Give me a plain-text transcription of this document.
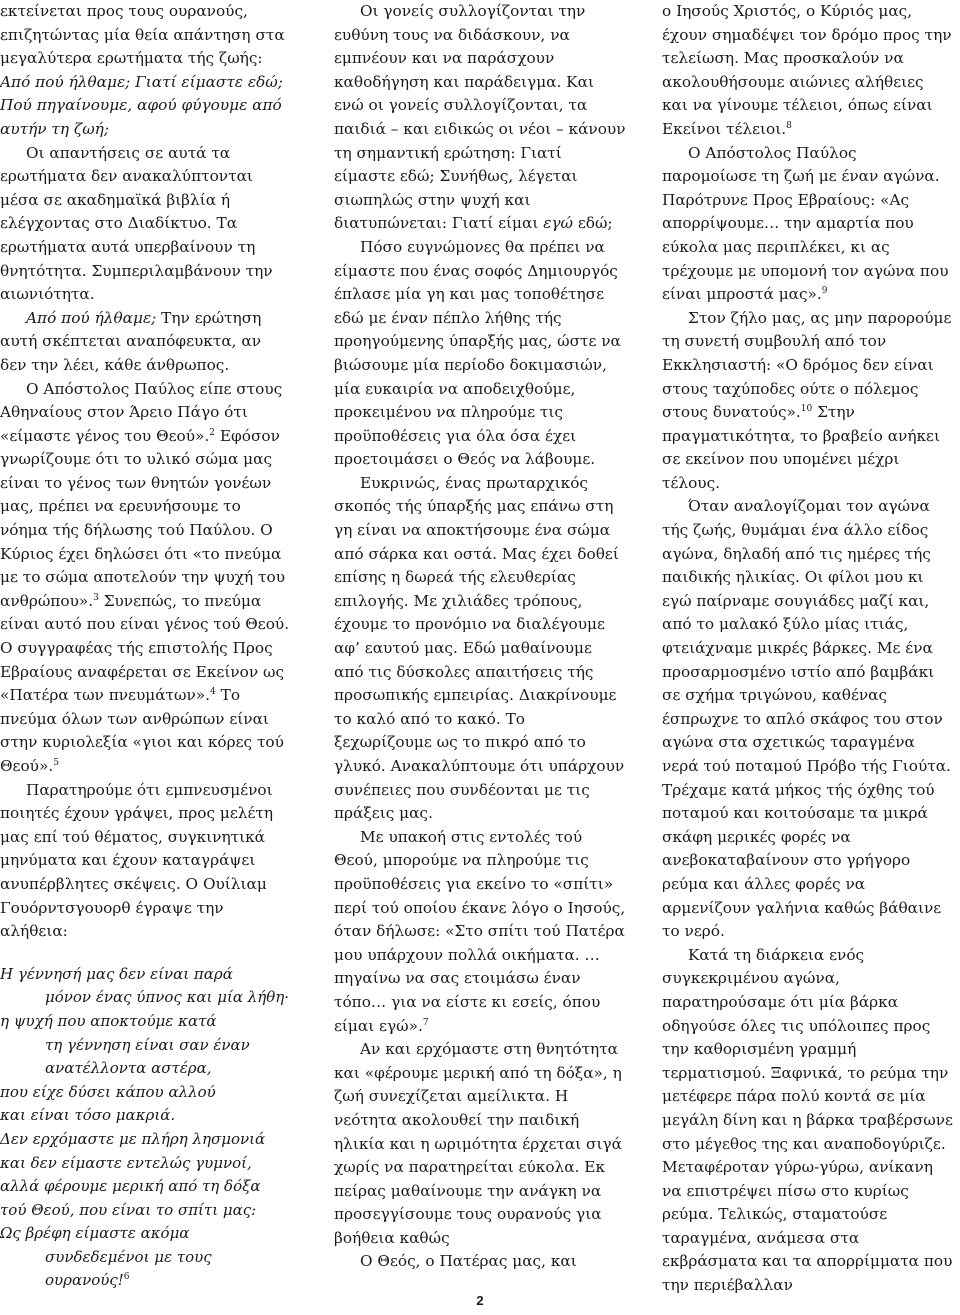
εκτείνεται προς τους ουρανούς, επιζητώντας μία θεία απάντηση στα μεγαλύτερα ερωτήματα τής ζωής: Από πού ήλθαμε; Γιατί είμαστε εδώ; Πού πηγαίνουμε, αφού φύγουμε από αυτήν τη ζωή;

Οι απαντήσεις σε αυτά τα ερωτήματα δεν ανακαλύπτονται μέσα σε ακαδημαϊκά βιβλία ή ελέγχοντας στο Διαδίκτυο. Τα ερωτήματα αυτά υπερβαίνουν τη θνητότητα. Συμπεριλαμβάνουν την αιωνιότητα.

Από πού ήλθαμε; Την ερώτηση αυτή σκέπτεται αναπόφευκτα, αν δεν την λέει, κάθε άνθρωπος.

Ο Απόστολος Παύλος είπε στους Αθηναίους στον Άρειο Πάγο ότι «είμαστε γένος του Θεού».$^2$ Εφόσον γνωρίζουμε ότι το υλικό σώμα μας είναι το γένος των θνητών γονέων μας, πρέπει να ερευνήσουμε το νόημα τής δήλωσης τού Παύλου. Ο Κύριος έχει δηλώσει ότι «το πνεύμα με το σώμα αποτελούν την ψυχή του ανθρώπου».$^3$ Συνεπώς, το πνεύμα είναι αυτό που είναι γένος τού Θεού. Ο συγγραφέας τής επιστολής Προς Εβραίους αναφέρεται σε Εκείνον ως «Πατέρα των πνευμάτων».$^4$ Το πνεύμα όλων των ανθρώπων είναι στην κυριολεξία «γιοι και κόρες τού Θεού».$^5$

Παρατηρούμε ότι εμπνευσμένοι ποιητές έχουν γράψει, προς μελέτη μας επί τού θέματος, συγκινητικά μηνύματα και έχουν καταγράψει ανυπέρβλητες σκέψεις. Ο Ουίλιαμ Γουόρντσγουορθ έγραψε την αλήθεια:

Η γέννησή μας δεν είναι παρά
μόνον ένας ύπνος και μία λήθη·
η ψυχή που αποκτούμε κατά
τη γέννηση είναι σαν έναν
ανατέλλοντα αστέρα,
που είχε δύσει κάπου αλλού
και είναι τόσο μακριά.
Δεν ερχόμαστε με πλήρη λησμονιά
και δεν είμαστε εντελώς γυμνοί,
αλλά φέρουμε μερική από τη δόξα
τού Θεού, που είναι το σπίτι μας:
Ως βρέφη είμαστε ακόμα
συνδεδεμένοι με τους ουρανούς!$^6$

Οι γονείς συλλογίζονται την ευθύνη τους να διδάσκουν, να εμπνέουν και να παράσχουν καθοδήγηση και παράδειγμα. Και ενώ οι γονείς συλλογίζονται, τα παιδιά – και ειδικώς οι νέοι – κάνουν τη σημαντική ερώτηση: Γιατί είμαστε εδώ; Συνήθως, λέγεται σιωπηλώς στην ψυχή και διατυπώνεται: Γιατί είμαι εγώ εδώ;

Πόσο ευγνώμονες θα πρέπει να είμαστε που ένας σοφός Δημιουργός έπλασε μία γη και μας τοποθέτησε εδώ με έναν πέπλο λήθης τής προηγούμενης ύπαρξής μας, ώστε να βιώσουμε μία περίοδο δοκιμασιών, μία ευκαιρία να αποδειχθούμε, προκειμένου να πληρούμε τις προϋποθέσεις για όλα όσα έχει προετοιμάσει ο Θεός να λάβουμε.

Ευκρινώς, ένας πρωταρχικός σκοπός τής ύπαρξής μας επάνω στη γη είναι να αποκτήσουμε ένα σώμα από σάρκα και οστά. Μας έχει δοθεί επίσης η δωρεά τής ελευθερίας επιλογής. Με χιλιάδες τρόπους, έχουμε το προνόμιο να διαλέγουμε αφ’ εαυτού μας. Εδώ μαθαίνουμε από τις δύσκολες απαιτήσεις τής προσωπικής εμπειρίας. Διακρίνουμε το καλό από το κακό. Το ξεχωρίζουμε ως το πικρό από το γλυκό. Ανακαλύπτουμε ότι υπάρχουν συνέπειες που συνδέονται με τις πράξεις μας.

Με υπακοή στις εντολές τού Θεού, μπορούμε να πληρούμε τις προϋποθέσεις για εκείνο το «σπίτι» περί τού οποίου έκανε λόγο ο Ιησούς, όταν δήλωσε: «Στο σπίτι τού Πατέρα μου υπάρχουν πολλά οικήματα. … πηγαίνω να σας ετοιμάσω έναν τόπο… για να είστε κι εσείς, όπου είμαι εγώ».$^7$

Αν και ερχόμαστε στη θνητότητα και «φέρουμε μερική από τη δόξα», η ζωή συνεχίζεται αμείλικτα. Η νεότητα ακολουθεί την παιδική ηλικία και η ωριμότητα έρχεται σιγά χωρίς να παρατηρείται εύκολα. Εκ πείρας μαθαίνουμε την ανάγκη να προσεγγίσουμε τους ουρανούς για βοήθεια καθώς

Ο Θεός, ο Πατέρας μας, και

ο Ιησούς Χριστός, ο Κύριός μας, έχουν σημαδέψει τον δρόμο προς την τελείωση. Μας προσκαλούν να ακολουθήσουμε αιώνιες αλήθειες και να γίνουμε τέλειοι, όπως είναι Εκείνοι τέλειοι.$^8$

Ο Απόστολος Παύλος παρομοίωσε τη ζωή με έναν αγώνα. Παρότρυνε Προς Εβραίους: «Ας απορρίψουμε… την αμαρτία που εύκολα μας περιπλέκει, κι ας τρέχουμε με υπομονή τον αγώνα που είναι μπροστά μας».$^9$

Στον ζήλο μας, ας μην παρορούμε τη συνετή συμβουλή από τον Εκκλησιαστή: «Ο δρόμος δεν είναι στους ταχύποδες ούτε ο πόλεμος στους δυνατούς».$^{10}$ Στην πραγματικότητα, το βραβείο ανήκει σε εκείνον που υπομένει μέχρι τέλους.

Όταν αναλογίζομαι τον αγώνα τής ζωής, θυμάμαι ένα άλλο είδος αγώνα, δηλαδή από τις ημέρες τής παιδικής ηλικίας. Οι φίλοι μου κι εγώ παίρναμε σουγιάδες μαζί και, από το μαλακό ξύλο μίας ιτιάς, φτειάχναμε μικρές βάρκες. Με ένα προσαρμοσμένο ιστίο από βαμβάκι σε σχήμα τριγώνου, καθένας έσπρωχνε το απλό σκάφος του στον αγώνα στα σχετικώς ταραγμένα νερά τού ποταμού Πρόβο τής Γιούτα. Τρέχαμε κατά μήκος τής όχθης τού ποταμού και κοιτούσαμε τα μικρά σκάφη μερικές φορές να ανεβοκαταβαίνουν στο γρήγορο ρεύμα και άλλες φορές να αρμενίζουν γαλήνια καθώς βάθαινε το νερό.

Κατά τη διάρκεια ενός συγκεκριμένου αγώνα, παρατηρούσαμε ότι μία βάρκα οδηγούσε όλες τις υπόλοιπες προς την καθορισμένη γραμμή τερματισμού. Ξαφνικά, το ρεύμα την μετέφερε πάρα πολύ κοντά σε μία μεγάλη δίνη και η βάρκα τραβέρσωνε στο μέγεθος της και αναποδογύριζε. Μεταφέροταν γύρω-γύρω, ανίκανη να επιστρέψει πίσω στο κυρίως ρεύμα. Τελικώς, σταματούσε ταραγμένα, ανάμεσα στα εκβράσματα και τα απορρίμματα που την περιέβαλλαν

2
